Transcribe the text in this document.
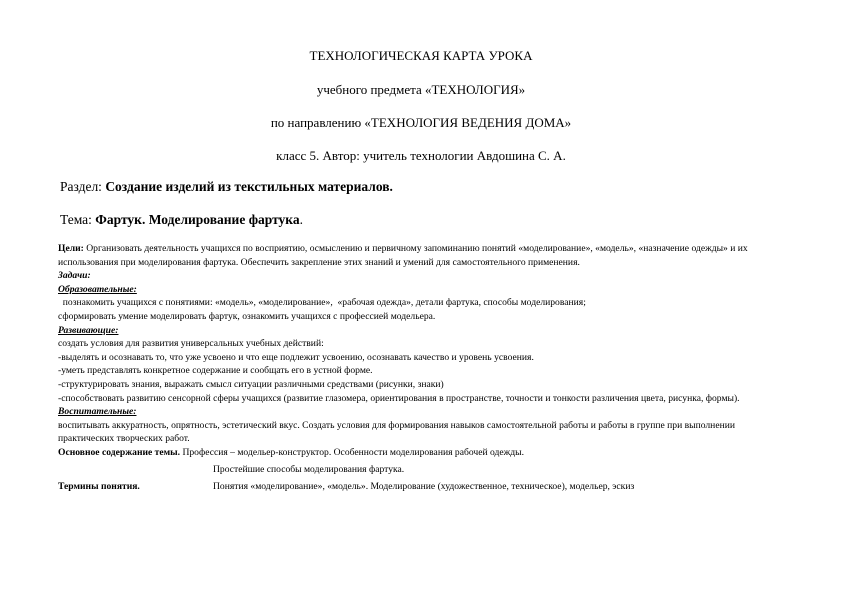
ТЕХНОЛОГИЧЕСКАЯ КАРТА УРОКА
учебного предмета «ТЕХНОЛОГИЯ»
по направлению «ТЕХНОЛОГИЯ ВЕДЕНИЯ ДОМА»
класс 5. Автор: учитель технологии Авдошина С. А.
Раздел: Создание изделий из текстильных материалов.
Тема: Фартук. Моделирование фартука.

Цели: Организовать деятельность учащихся по восприятию, осмыслению и первичному запоминанию понятий «моделирование», «модель», «назначение одежды» и их использования при моделирования фартука. Обеспечить закрепление этих знаний и умений для самостоятельного применения.

Задачи:

Образовательные:

познакомить учащихся с понятиями: «модель», «моделирование»,  «рабочая одежда», детали фартука, способы моделирования;

сформировать умение моделировать фартук, ознакомить учащихся с профессией модельера.

Развивающие:

создать условия для развития универсальных учебных действий:

-выделять и осознавать то, что уже усвоено и что еще подлежит усвоению, осознавать качество и уровень усвоения.

-уметь представлять конкретное содержание и сообщать его в устной форме.

-структурировать знания, выражать смысл ситуации различными средствами (рисунки, знаки)

-способствовать развитию сенсорной сферы учащихся (развитие глазомера, ориентирования в пространстве, точности и тонкости различения цвета, рисунка, формы).

Воспитательные:

воспитывать аккуратность, опрятность, эстетический вкус. Создать условия для формирования навыков самостоятельной работы и работы в группе при выполнении практических творческих работ.

Основное содержание темы. Профессия – модельер-конструктор. Особенности моделирования рабочей одежды.

Простейшие способы моделирования фартука.

Термины понятия.	Понятия «моделирование», «модель». Моделирование (художественное, техническое), модельер, эскиз
